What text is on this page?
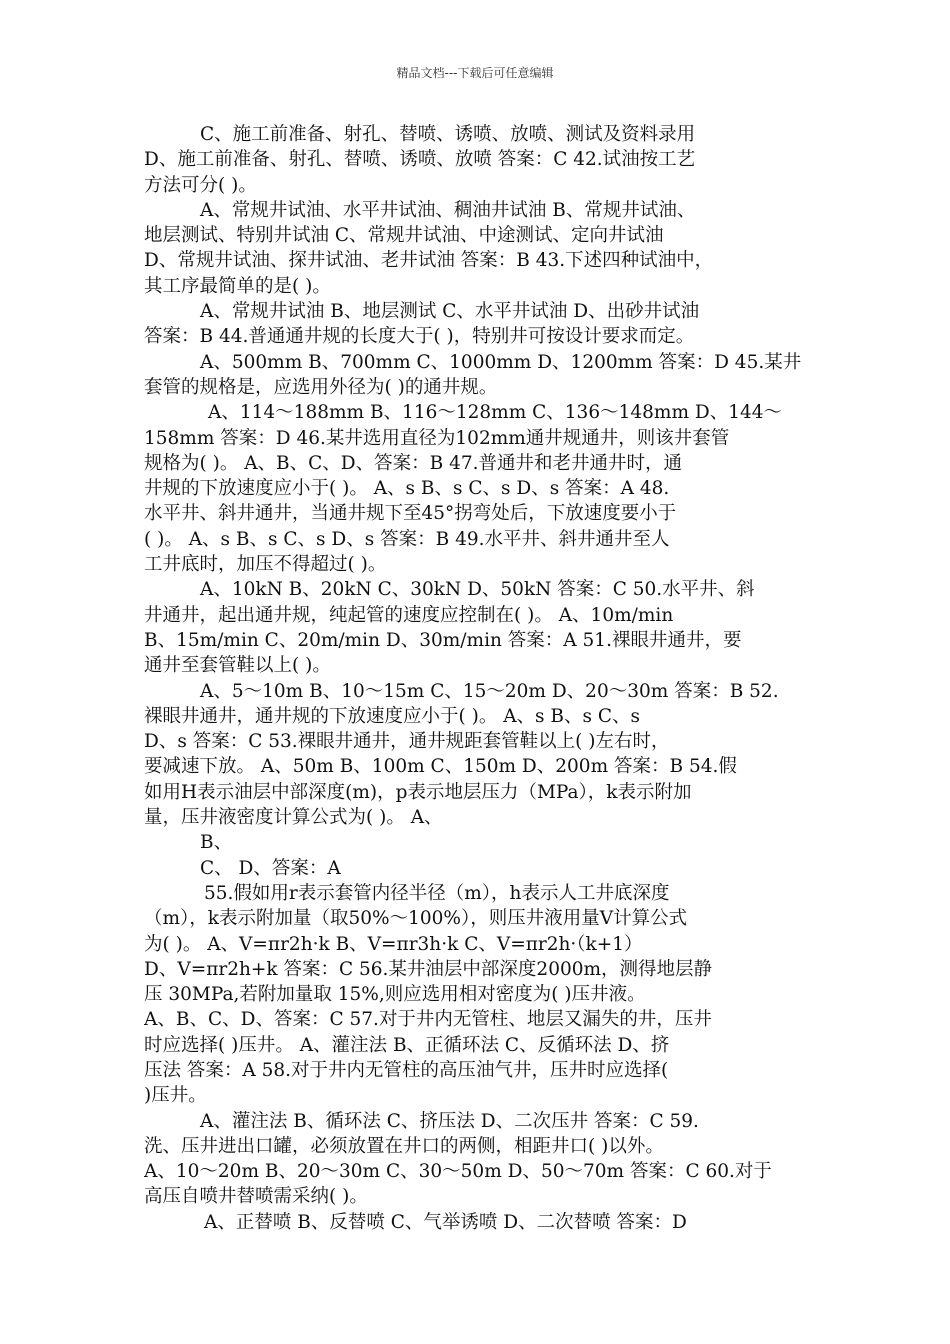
精品文档---下载后可任意编辑
C、施工前准备、射孔、替喷、诱喷、放喷、测试及资料录用
D、施工前准备、射孔、替喷、诱喷、放喷 答案：C 42.试油按工艺
方法可分( )。
A、常规井试油、水平井试油、稠油井试油 B、常规井试油、
地层测试、特别井试油 C、常规井试油、中途测试、定向井试油
D、常规井试油、探井试油、老井试油 答案：B 43.下述四种试油中，
其工序最简单的是( )。
A、常规井试油 B、地层测试 C、水平井试油 D、出砂井试油
答案：B 44.普通通井规的长度大于( )，特别井可按设计要求而定。
A、500mm B、700mm C、1000mm D、1200mm 答案：D 45.某井
套管的规格是，应选用外径为( )的通井规。
A、114～188mm B、116～128mm C、136～148mm D、144～
158mm 答案：D 46.某井选用直径为102mm通井规通井，则该井套管
规格为( )。 A、B、C、D、答案：B 47.普通井和老井通井时，通
井规的下放速度应小于( )。 A、s B、s C、s D、s 答案：A 48.
水平井、斜井通井，当通井规下至45°拐弯处后，下放速度要小于
( )。 A、s B、s C、s D、s 答案：B 49.水平井、斜井通井至人
工井底时，加压不得超过( )。
A、10kN B、20kN C、30kN D、50kN 答案：C 50.水平井、斜
井通井，起出通井规，纯起管的速度应控制在( )。 A、10m/min
B、15m/min C、20m/min D、30m/min 答案：A 51.裸眼井通井，要
通井至套管鞋以上( )。
A、5～10m B、10～15m C、15～20m D、20～30m 答案：B 52.
裸眼井通井，通井规的下放速度应小于( )。 A、s B、s C、s
D、s 答案：C 53.裸眼井通井，通井规距套管鞋以上( )左右时，
要减速下放。 A、50m B、100m C、150m D、200m 答案：B 54.假
如用H表示油层中部深度(m)，p表示地层压力（MPa），k表示附加
量，压井液密度计算公式为( )。 A、
B、
C、 D、答案：A
55.假如用r表示套管内径半径（m），h表示人工井底深度
（m），k表示附加量（取50%～100%），则压井液用量V计算公式
为( )。 A、V=πr2h·k B、V=πr3h·k C、V=πr2h·（k+1）
D、V=πr2h+k 答案：C 56.某井油层中部深度2000m，测得地层静
压 30MPa,若附加量取 15%,则应选用相对密度为( )压井液。
A、B、C、D、答案：C 57.对于井内无管柱、地层又漏失的井，压井
时应选择( )压井。 A、灌注法 B、正循环法 C、反循环法 D、挤
压法 答案：A 58.对于井内无管柱的高压油气井，压井时应选择(
)压井。
A、灌注法 B、循环法 C、挤压法 D、二次压井 答案：C 59.
洗、压井进出口罐，必须放置在井口的两侧，相距井口( )以外。
A、10～20m B、20～30m C、30～50m D、50～70m 答案：C 60.对于
高压自喷井替喷需采纳( )。
A、正替喷 B、反替喷 C、气举诱喷 D、二次替喷 答案：D
